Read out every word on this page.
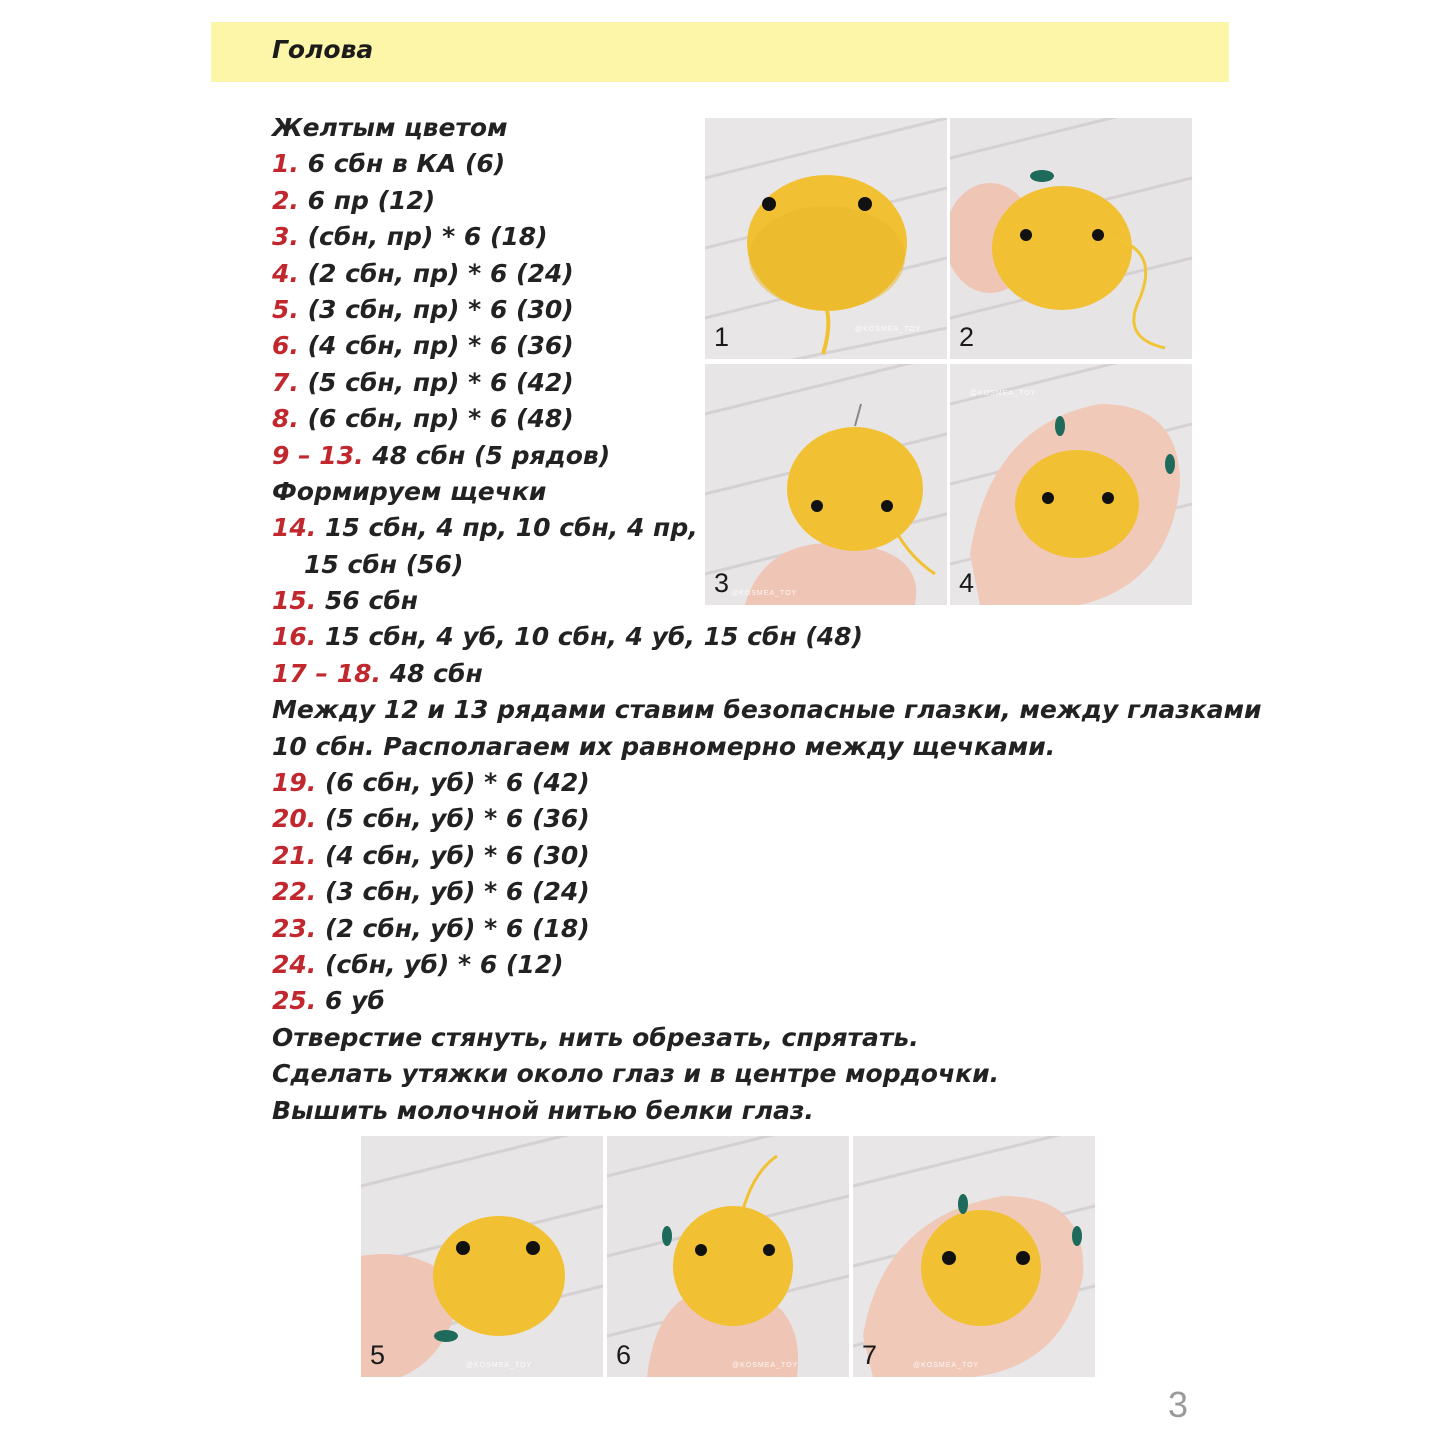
Голова
Желтым цветом
1. 6 сбн в КА (6)
2. 6 пр (12)
3. (сбн, пр) * 6 (18)
4. (2 сбн, пр) * 6 (24)
5. (3 сбн, пр) * 6 (30)
6. (4 сбн, пр) * 6 (36)
7. (5 сбн, пр) * 6 (42)
8. (6 сбн, пр) * 6 (48)
9 – 13. 48 сбн (5 рядов)
Формируем щечки
14. 15 сбн, 4 пр, 10 сбн, 4 пр,
15 сбн (56)
15. 56 сбн
16. 15 сбн, 4 уб, 10 сбн, 4 уб, 15 сбн (48)
17 – 18. 48 сбн
Между 12 и 13 рядами ставим безопасные глазки, между глазками
10 сбн. Располагаем их равномерно между щечками.
19. (6 сбн, уб) * 6 (42)
20. (5 сбн, уб) * 6 (36)
21. (4 сбн, уб) * 6 (30)
22. (3 сбн, уб) * 6 (24)
23. (2 сбн, уб) * 6 (18)
24. (сбн, уб) * 6 (12)
25. 6 уб
Отверстие стянуть, нить обрезать, спрятать.
Сделать утяжки около глаз и в центре мордочки.
Вышить молочной нитью белки глаз.
1	@KOSMEA_TOY 2
3 @KOSMEA_TOY	4
@KOSMEA_TOY
5	@KOSMEA_TOY	6	@KOSMEA_TOY 7	@KOSMEA_TOY
3
